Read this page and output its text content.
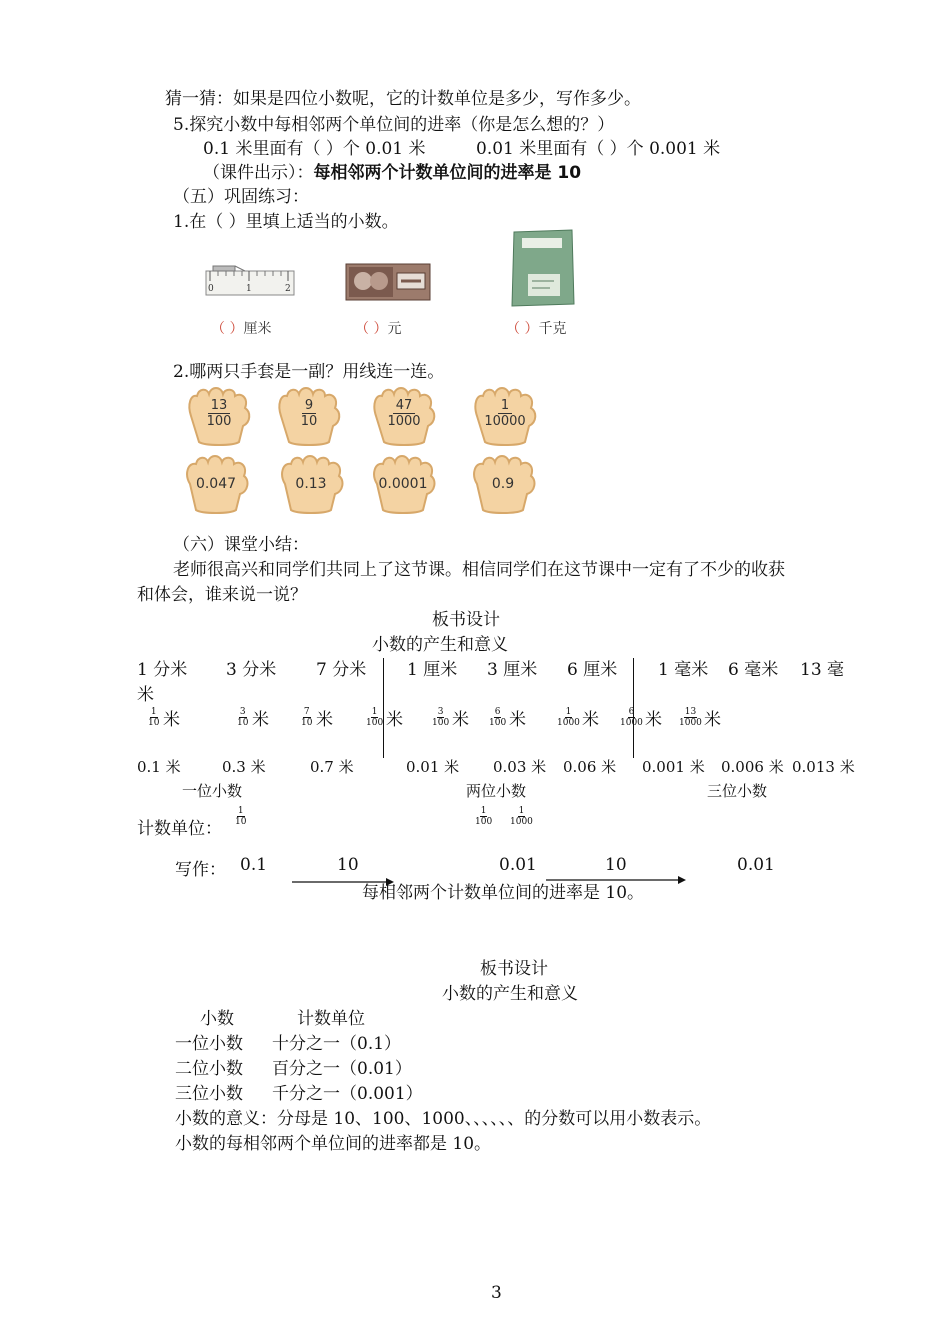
猜一猜：如果是四位小数呢，它的计数单位是多少，写作多少。
5.探究小数中每相邻两个单位间的进率（你是怎么想的？）
0.1 米里面有（ ）个 0.01 米	0.01 米里面有（ ）个 0.001 米
（课件出示）：每相邻两个计数单位间的进率是 10
（五）巩固练习：
1.在（ ）里填上适当的小数。
0	1	2
（ ）厘米	（ ）元	（ ）千克
2.哪两只手套是一副？用线连一连。
$\frac{13}{100} \frac{9}{10} \frac{47}{1000} \frac{1}{10000}$
0.047	0.13	0.0001	0.9
（六）课堂小结：
老师很高兴和同学们共同上了这节课。相信同学们在这节课中一定有了不少的收获
和体会，谁来说一说？
板书设计
小数的产生和意义
1 分米 3 分米 7 分米 1 厘米 3 厘米 6 厘米 1 毫米 6 毫米 13 毫
米
$\frac{1}{10}$ 米	$\frac{3}{10}$ 米	$\frac{7}{10}$ 米	$\frac{1}{100}$ 米	$\frac{3}{100}$ 米 $\frac{6}{100}$ 米	$\frac{1}{1000}$ 米 $\frac{6}{1000}$ 米 $\frac{13}{1000}$ 米
0.1 米	0.3 米	0.7 米	0.01 米 0.03 米 0.06 米 0.001 米 0.006 米 0.013 米
一位小数	两位小数	三位小数
计数单位：
$\frac{1}{10}$	$\frac{1}{100} \frac{1}{1000}$
写作： 0.1	10	0.01	10	0.01
每相邻两个计数单位间的进率是 10。
板书设计
小数的产生和意义
小数	计数单位
一位小数 十分之一（0.1）
二位小数 百分之一（0.01）
三位小数 千分之一（0.001）
小数的意义：分母是 10、100、1000、、、、、、的分数可以用小数表示。
小数的每相邻两个单位间的进率都是 10。
3
